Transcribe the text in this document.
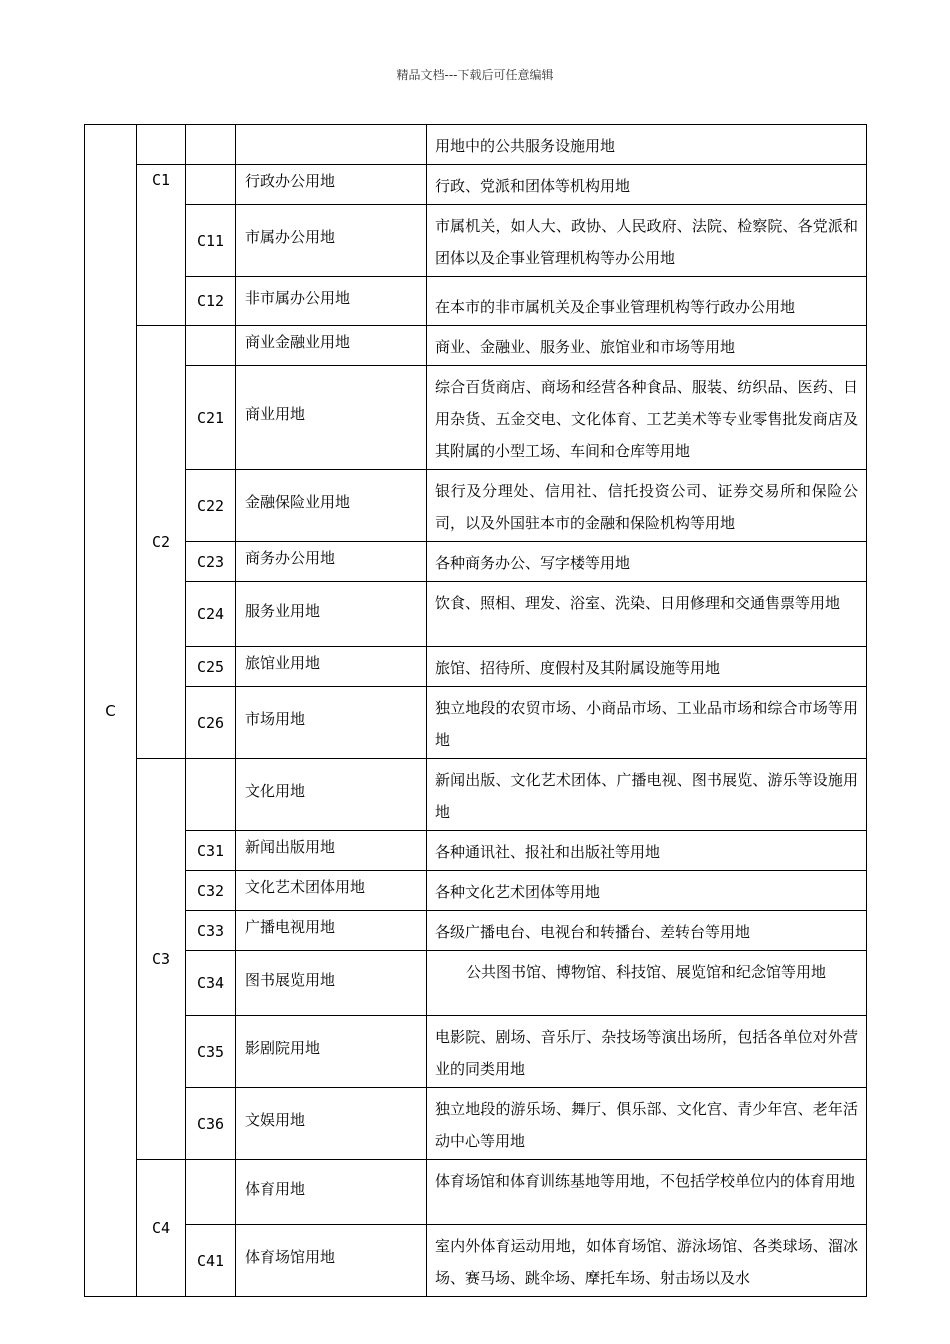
精品文档---下载后可任意编辑
C				用地中的公共服务设施用地
	C1		行政办公用地	行政、党派和团体等机构用地
		C11	市属办公用地	市属机关，如人大、政协、人民政府、法院、检察院、各党派和团体以及企事业管理机构等办公用地
		C12	非市属办公用地	在本市的非市属机关及企事业管理机构等行政办公用地
	C2		商业金融业用地	商业、金融业、服务业、旅馆业和市场等用地
		C21	商业用地	综合百货商店、商场和经营各种食品、服装、纺织品、医药、日用杂货、五金交电、文化体育、工艺美术等专业零售批发商店及其附属的小型工场、车间和仓库等用地
		C22	金融保险业用地	银行及分理处、信用社、信托投资公司、证券交易所和保险公司，以及外国驻本市的金融和保险机构等用地
		C23	商务办公用地	各种商务办公、写字楼等用地
		C24	服务业用地	饮食、照相、理发、浴室、洗染、日用修理和交通售票等用地
		C25	旅馆业用地	旅馆、招待所、度假村及其附属设施等用地
		C26	市场用地	独立地段的农贸市场、小商品市场、工业品市场和综合市场等用地
	C3		文化用地	新闻出版、文化艺术团体、广播电视、图书展览、游乐等设施用地
		C31	新闻出版用地	各种通讯社、报社和出版社等用地
		C32	文化艺术团体用地	各种文化艺术团体等用地
		C33	广播电视用地	各级广播电台、电视台和转播台、差转台等用地
		C34	图书展览用地	公共图书馆、博物馆、科技馆、展览馆和纪念馆等用地
		C35	影剧院用地	电影院、剧场、音乐厅、杂技场等演出场所，包括各单位对外营业的同类用地
		C36	文娱用地	独立地段的游乐场、舞厅、俱乐部、文化宫、青少年宫、老年活动中心等用地
	C4		体育用地	体育场馆和体育训练基地等用地，不包括学校单位内的体育用地
		C41	体育场馆用地	室内外体育运动用地，如体育场馆、游泳场馆、各类球场、溜冰场、赛马场、跳伞场、摩托车场、射击场以及水
